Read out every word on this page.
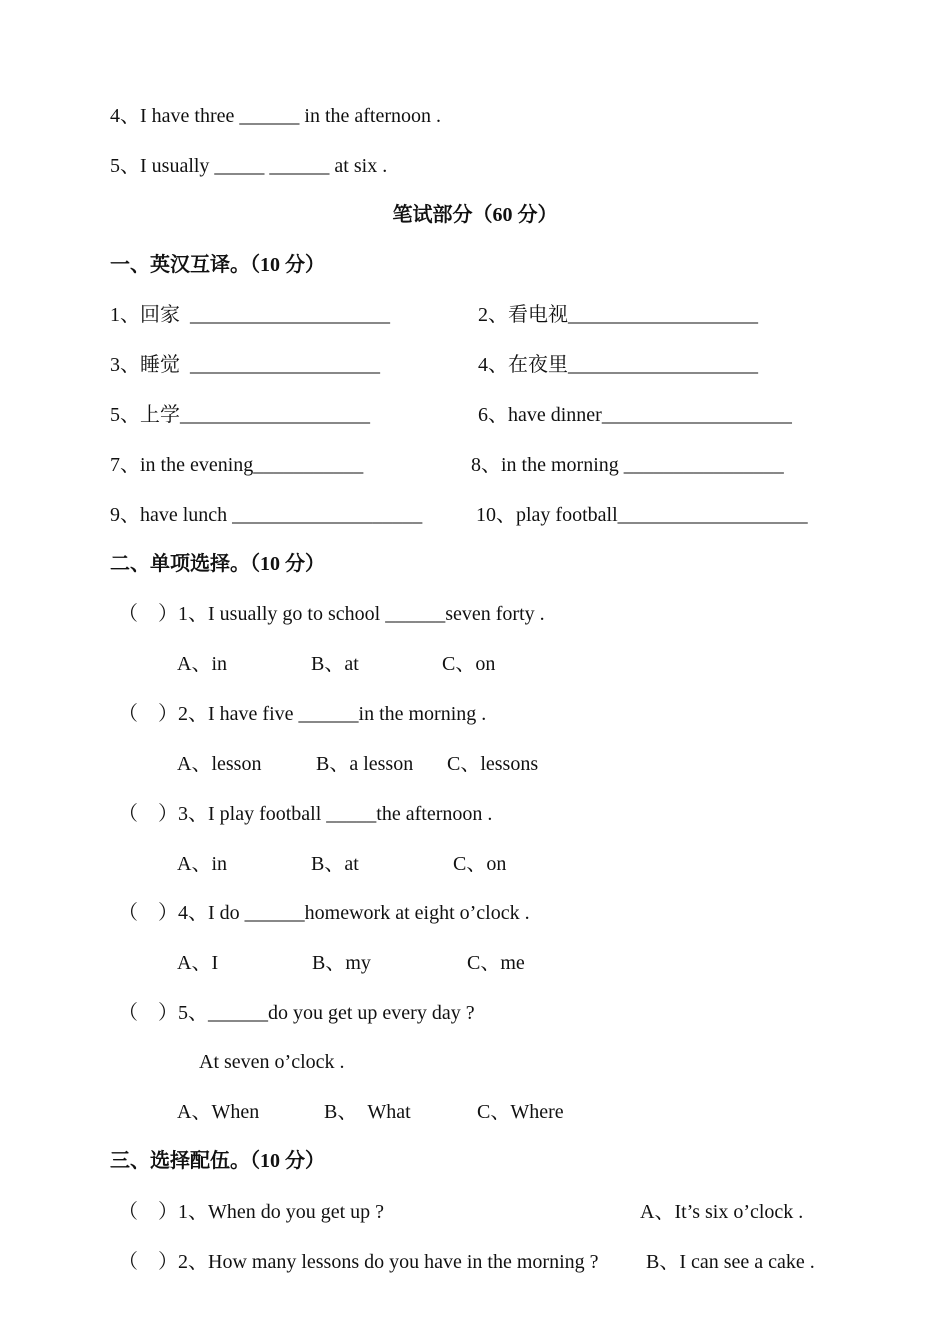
4、I have three ______ in the afternoon .
5、I usually _____ ______ at six .
笔试部分（60 分）
一、英汉互译。（10 分）
1、回家  ____________________	2、看电视___________________
3、睡觉  ___________________	4、在夜里___________________
5、上学___________________	6、have dinner___________________
7、in the evening___________	8、in the morning ________________
9、have lunch ___________________	10、play football___________________
二、单项选择。（10 分）
（    ）1、I usually go to school ______seven forty .
A、in	B、at	C、on
（    ）2、I have five ______in the morning .
A、lesson	B、a lesson C、lessons
（    ）3、I play football _____the afternoon .
A、in	B、at	C、on
（    ）4、I do ______homework at eight o’clock .
A、I	B、my	C、me
（    ）5、______do you get up every day ?
At seven o’clock .
A、When	B、  What	C、Where
三、选择配伍。（10 分）
（    ）1、When do you get up ?	A、It’s six o’clock .
（    ）2、How many lessons do you have in the morning ? B、I can see a cake .
